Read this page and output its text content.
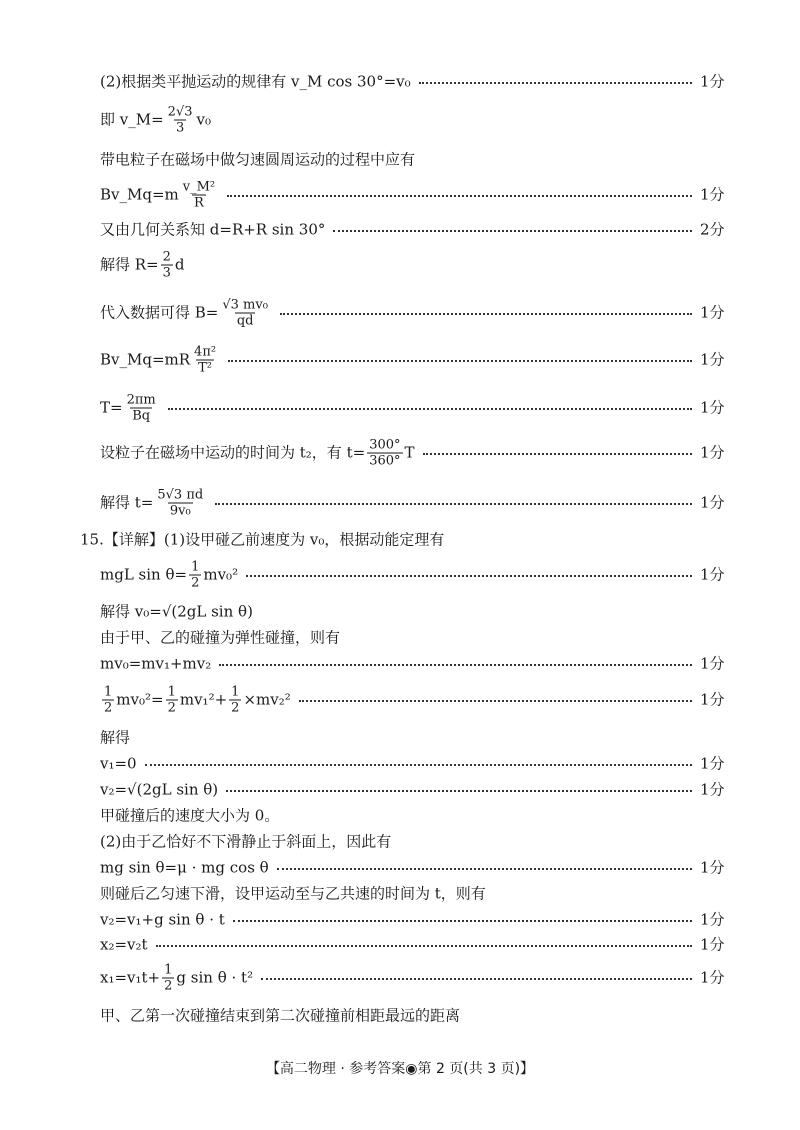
(2)根据类平抛运动的规律有 v_M cos 30°=v₀	1分
即 v_M= $\frac{2√3}{3} v_0$
带电粒子在磁场中做匀速圆周运动的过程中应有
Bv_Mq=m $\frac{\text{v\_M²}}{R}$	1分
又由几何关系知 d=R+R sin 30°	2分
解得 $R= \frac{2}{3}$ d
代入数据可得 $B= \frac{\text{√3 mv₀}}{qd}$	1分
Bv_Mq=mR $\frac{\text{4π²}}{\text{T²}}$	1分
$T= \frac{2\pi m}{Bq}$	1分
设粒子在磁场中运动的时间为 t₂，有 $t= \frac{300^\circ}{360^\circ}$ T	1分
解得 $t= \frac{5√3 \pi d}{\text{9v₀}}$	1分
15.【详解】(1)设甲碰乙前速度为 v₀，根据动能定理有
mgL $\sin \theta= \frac{1}{2} mv_0^2$	1分
解得 v₀=√(2gL sin θ)
由于甲、乙的碰撞为弹性碰撞，则有
mv₀=mv₁+mv₂	1分
$\frac{1}{2} mv_0^2= \frac{1}{2} mv_1^2+ \frac{1}{2} \times mv_2^2$	1分
解得
v₁=0	1分
v₂=√(2gL sin θ)	1分
甲碰撞后的速度大小为 0。
(2)由于乙恰好不下滑静止于斜面上，因此有
mg sin θ=μ · mg cos θ	1分
则碰后乙匀速下滑，设甲运动至与乙共速的时间为 t，则有
v₂=v₁+g sin θ · t	1分
x₂=v₂t	1分
$x_1=v_1t+ \frac{1}{2}$ g sin θ · t²	1分
甲、乙第一次碰撞结束到第二次碰撞前相距最远的距离
【高二物理 · 参考答案◉第 2 页(共 3 页)】
